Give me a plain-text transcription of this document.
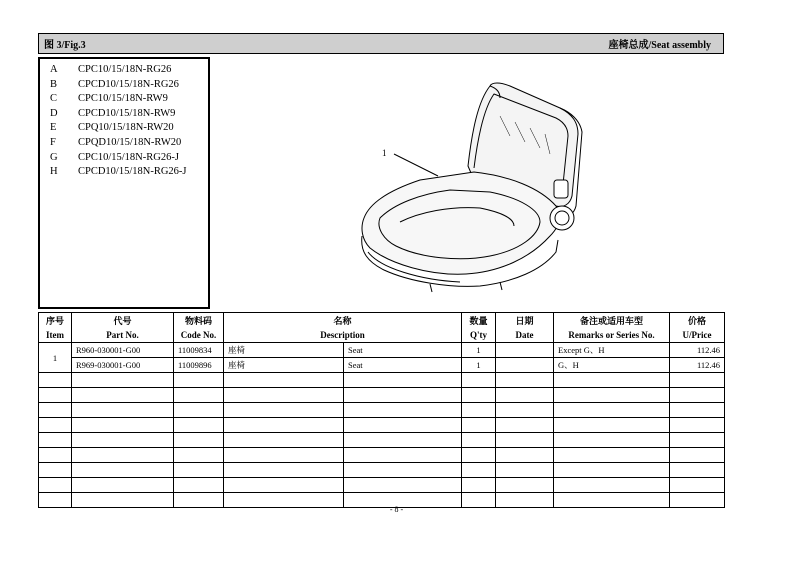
图 3/Fig.3	座椅总成/Seat assembly
A	CPC10/15/18N-RG26
B	CPCD10/15/18N-RG26
C	CPC10/15/18N-RW9
D	CPCD10/15/18N-RW9
E	CPQ10/15/18N-RW20
F	CPQD10/15/18N-RW20
G	CPC10/15/18N-RG26-J
H	CPCD10/15/18N-RG26-J
1
序号	代号	物料码	名称		数量	日期	备注或适用车型	价格
Item	Part No.	Code No.	Description		Q'ty	Date	Remarks or Series No.	U/Price
1	R960-030001-G00	11009834	座椅	Seat	1		Except G、H	112.46
	R969-030001-G00	11009896	座椅	Seat	1		G、H	112.46

- 8 -
